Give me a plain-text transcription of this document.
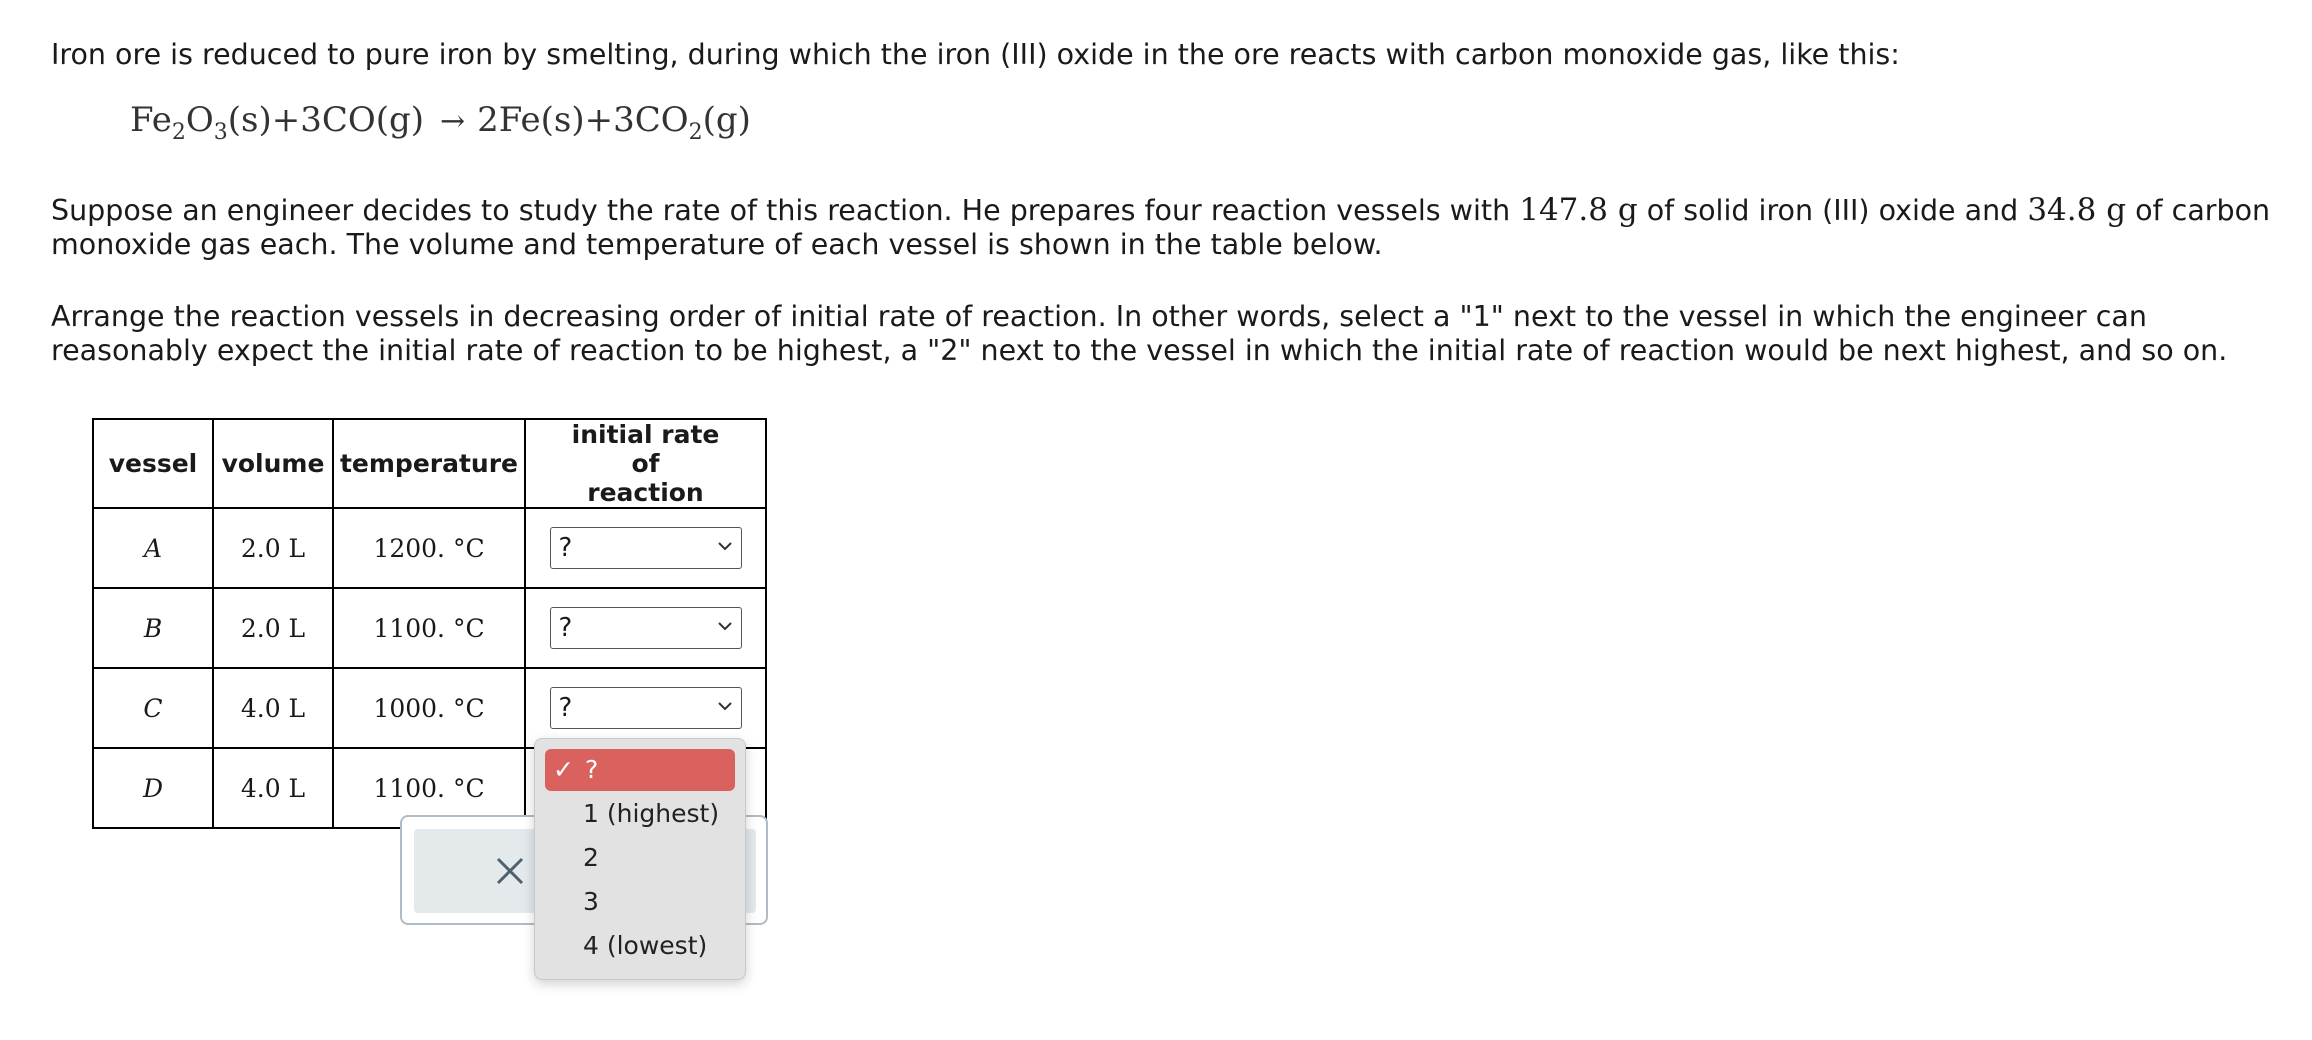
Iron ore is reduced to pure iron by smelting, during which the iron (III) oxide in the ore reacts with carbon monoxide gas, like this:

$Fe_2O_3(s)+3CO(g) \to 2Fe(s)+3CO_2(g)$

Suppose an engineer decides to study the rate of this reaction. He prepares four reaction vessels with 147.8 g of solid iron (III) oxide and 34.8 g of carbon monoxide gas each. The volume and temperature of each vessel is shown in the table below.

Arrange the reaction vessels in decreasing order of initial rate of reaction. In other words, select a "1" next to the vessel in which the engineer can reasonably expect the initial rate of reaction to be highest, a "2" next to the vessel in which the initial rate of reaction would be next highest, and so on.

vessel	volume	temperature	initial rate of reaction
A	2.0 L	1200. °C	?

B	2.0 L	1100. °C	?

C	4.0 L	1000. °C	?

D	4.0 L	1100. °C	
✓ ?
1 (highest)
2
3
4 (lowest)
